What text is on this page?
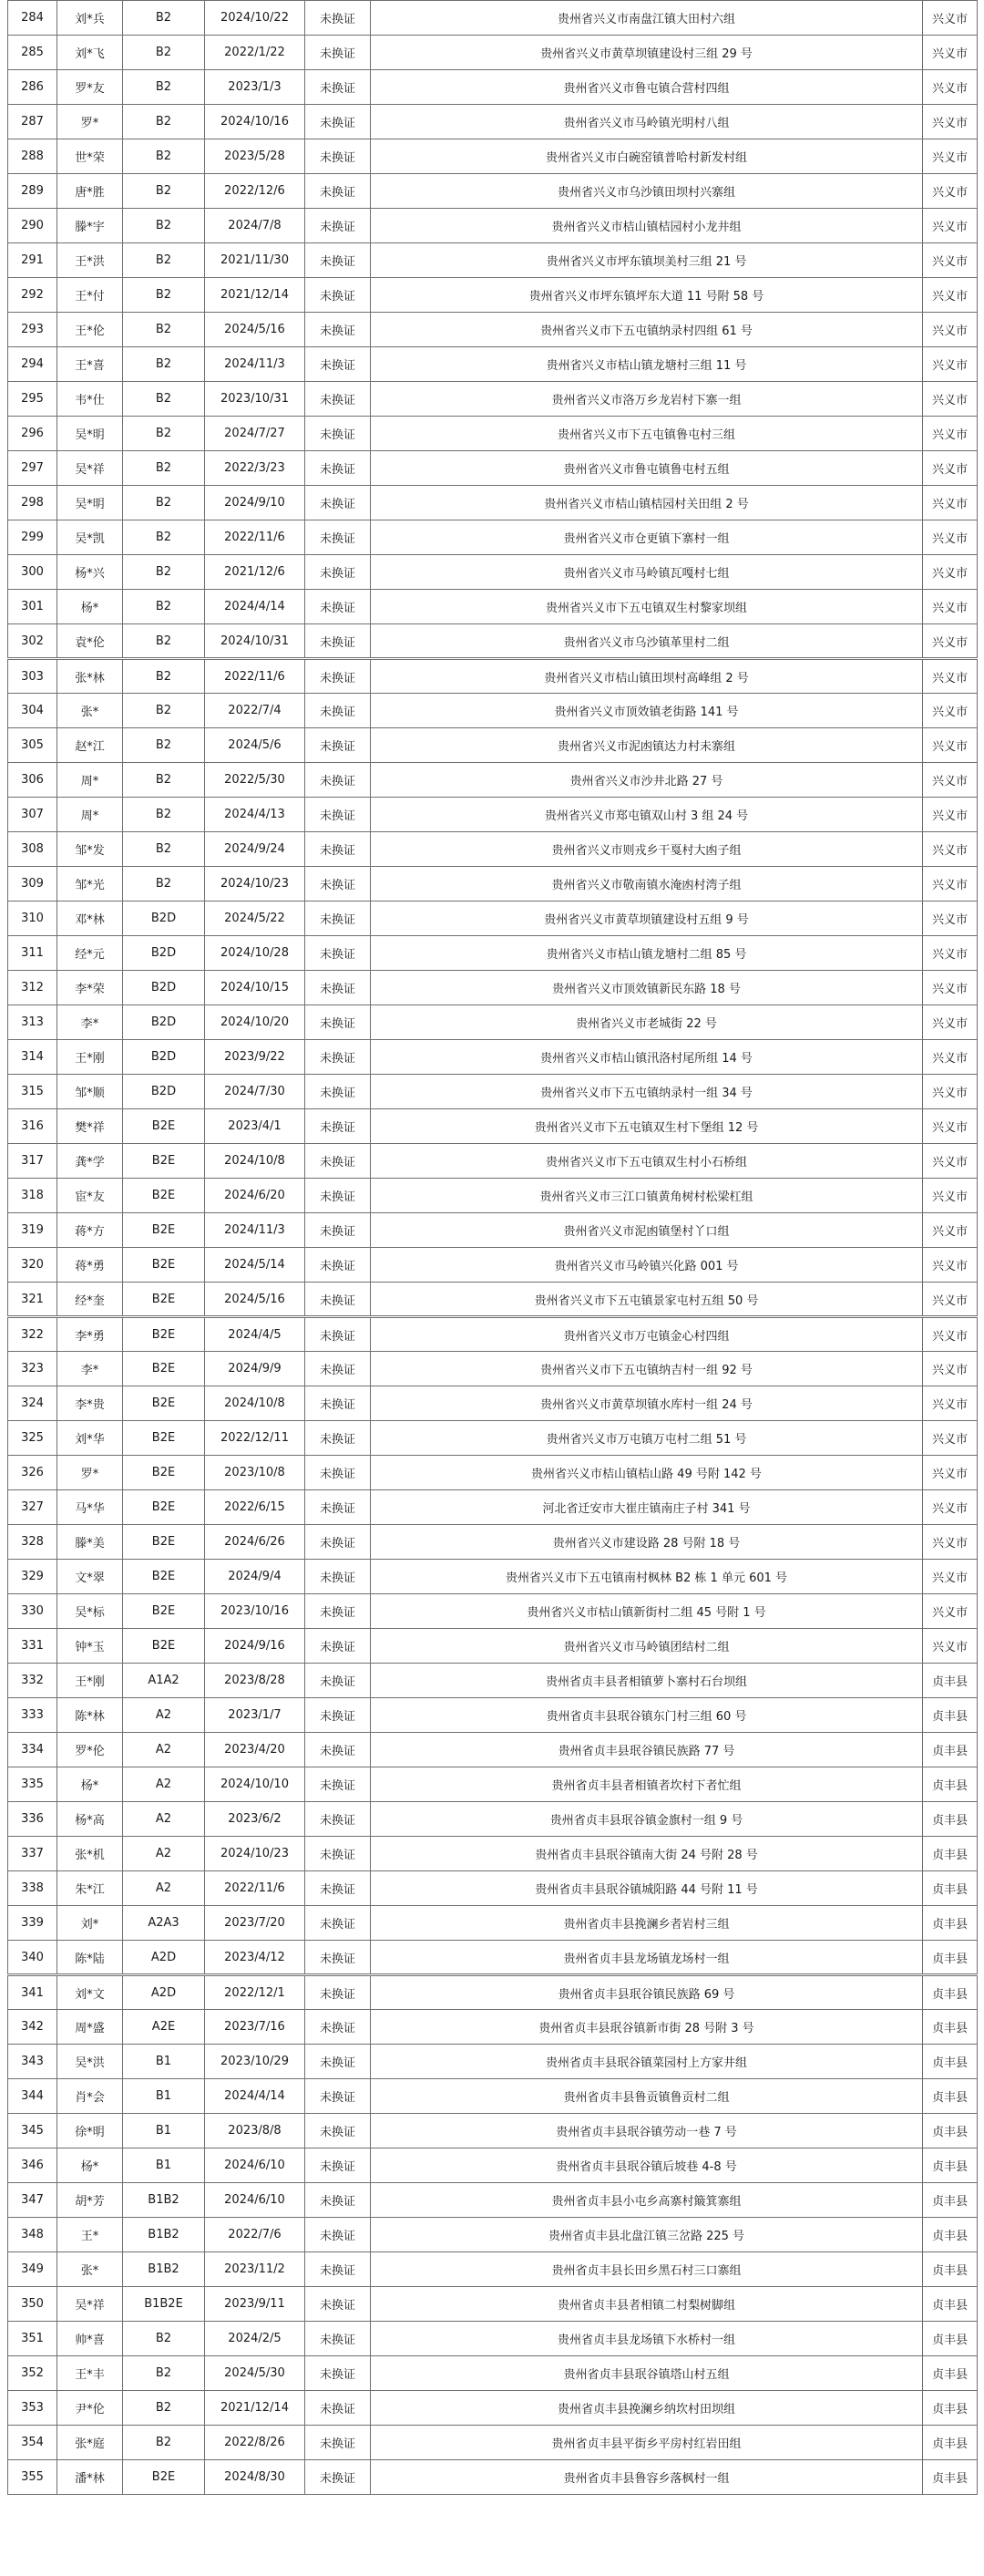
284	刘*兵	B2	2024/10/22	未换证	贵州省兴义市南盘江镇大田村六组	兴义市
285	刘*飞	B2	2022/1/22	未换证	贵州省兴义市黄草坝镇建设村三组 29 号	兴义市
286	罗*友	B2	2023/1/3	未换证	贵州省兴义市鲁屯镇合营村四组	兴义市
287	罗*	B2	2024/10/16	未换证	贵州省兴义市马岭镇光明村八组	兴义市
288	世*荣	B2	2023/5/28	未换证	贵州省兴义市白碗窑镇普哈村新发村组	兴义市
289	唐*胜	B2	2022/12/6	未换证	贵州省兴义市乌沙镇田坝村兴寨组	兴义市
290	滕*宇	B2	2024/7/8	未换证	贵州省兴义市桔山镇桔园村小龙井组	兴义市
291	王*洪	B2	2021/11/30	未换证	贵州省兴义市坪东镇坝美村三组 21 号	兴义市
292	王*付	B2	2021/12/14	未换证	贵州省兴义市坪东镇坪东大道 11 号附 58 号	兴义市
293	王*伦	B2	2024/5/16	未换证	贵州省兴义市下五屯镇纳录村四组 61 号	兴义市
294	王*喜	B2	2024/11/3	未换证	贵州省兴义市桔山镇龙塘村三组 11 号	兴义市
295	韦*仕	B2	2023/10/31	未换证	贵州省兴义市洛万乡龙岩村下寨一组	兴义市
296	吴*明	B2	2024/7/27	未换证	贵州省兴义市下五屯镇鲁屯村三组	兴义市
297	吴*祥	B2	2022/3/23	未换证	贵州省兴义市鲁屯镇鲁屯村五组	兴义市
298	吴*明	B2	2024/9/10	未换证	贵州省兴义市桔山镇桔园村关田组 2 号	兴义市
299	吴*凯	B2	2022/11/6	未换证	贵州省兴义市仓更镇下寨村一组	兴义市
300	杨*兴	B2	2021/12/6	未换证	贵州省兴义市马岭镇瓦嘎村七组	兴义市
301	杨*	B2	2024/4/14	未换证	贵州省兴义市下五屯镇双生村黎家坝组	兴义市
302	袁*伦	B2	2024/10/31	未换证	贵州省兴义市乌沙镇革里村二组	兴义市
303	张*林	B2	2022/11/6	未换证	贵州省兴义市桔山镇田坝村高峰组 2 号	兴义市
304	张*	B2	2022/7/4	未换证	贵州省兴义市顶效镇老街路 141 号	兴义市
305	赵*江	B2	2024/5/6	未换证	贵州省兴义市泥凼镇达力村未寨组	兴义市
306	周*	B2	2022/5/30	未换证	贵州省兴义市沙井北路 27 号	兴义市
307	周*	B2	2024/4/13	未换证	贵州省兴义市郑屯镇双山村 3 组 24 号	兴义市
308	邹*发	B2	2024/9/24	未换证	贵州省兴义市则戎乡干戛村大凼子组	兴义市
309	邹*光	B2	2024/10/23	未换证	贵州省兴义市敬南镇水淹凼村湾子组	兴义市
310	邓*林	B2D	2024/5/22	未换证	贵州省兴义市黄草坝镇建设村五组 9 号	兴义市
311	经*元	B2D	2024/10/28	未换证	贵州省兴义市桔山镇龙塘村二组 85 号	兴义市
312	李*荣	B2D	2024/10/15	未换证	贵州省兴义市顶效镇新民东路 18 号	兴义市
313	李*	B2D	2024/10/20	未换证	贵州省兴义市老城街 22 号	兴义市
314	王*刚	B2D	2023/9/22	未换证	贵州省兴义市桔山镇汛洛村尾所组 14 号	兴义市
315	邹*顺	B2D	2024/7/30	未换证	贵州省兴义市下五屯镇纳录村一组 34 号	兴义市
316	樊*祥	B2E	2023/4/1	未换证	贵州省兴义市下五屯镇双生村下堡组 12 号	兴义市
317	龚*学	B2E	2024/10/8	未换证	贵州省兴义市下五屯镇双生村小石桥组	兴义市
318	宦*友	B2E	2024/6/20	未换证	贵州省兴义市三江口镇黄角树村松梁杠组	兴义市
319	蒋*方	B2E	2024/11/3	未换证	贵州省兴义市泥凼镇堡村丫口组	兴义市
320	蒋*勇	B2E	2024/5/14	未换证	贵州省兴义市马岭镇兴化路 001 号	兴义市
321	经*奎	B2E	2024/5/16	未换证	贵州省兴义市下五屯镇景家屯村五组 50 号	兴义市
322	李*勇	B2E	2024/4/5	未换证	贵州省兴义市万屯镇金心村四组	兴义市
323	李*	B2E	2024/9/9	未换证	贵州省兴义市下五屯镇纳吉村一组 92 号	兴义市
324	李*贵	B2E	2024/10/8	未换证	贵州省兴义市黄草坝镇水库村一组 24 号	兴义市
325	刘*华	B2E	2022/12/11	未换证	贵州省兴义市万屯镇万屯村二组 51 号	兴义市
326	罗*	B2E	2023/10/8	未换证	贵州省兴义市桔山镇桔山路 49 号附 142 号	兴义市
327	马*华	B2E	2022/6/15	未换证	河北省迁安市大崔庄镇南庄子村 341 号	兴义市
328	滕*美	B2E	2024/6/26	未换证	贵州省兴义市建设路 28 号附 18 号	兴义市
329	文*翠	B2E	2024/9/4	未换证	贵州省兴义市下五屯镇南村枫林 B2 栋 1 单元 601 号	兴义市
330	吴*标	B2E	2023/10/16	未换证	贵州省兴义市桔山镇新街村二组 45 号附 1 号	兴义市
331	钟*玉	B2E	2024/9/16	未换证	贵州省兴义市马岭镇团结村二组	兴义市
332	王*刚	A1A2	2023/8/28	未换证	贵州省贞丰县者相镇萝卜寨村石台坝组	贞丰县
333	陈*林	A2	2023/1/7	未换证	贵州省贞丰县珉谷镇东门村三组 60 号	贞丰县
334	罗*伦	A2	2023/4/20	未换证	贵州省贞丰县珉谷镇民族路 77 号	贞丰县
335	杨*	A2	2024/10/10	未换证	贵州省贞丰县者相镇者坎村下者忙组	贞丰县
336	杨*高	A2	2023/6/2	未换证	贵州省贞丰县珉谷镇金旗村一组 9 号	贞丰县
337	张*机	A2	2024/10/23	未换证	贵州省贞丰县珉谷镇南大街 24 号附 28 号	贞丰县
338	朱*江	A2	2022/11/6	未换证	贵州省贞丰县珉谷镇城阳路 44 号附 11 号	贞丰县
339	刘*	A2A3	2023/7/20	未换证	贵州省贞丰县挽澜乡者岩村三组	贞丰县
340	陈*陆	A2D	2023/4/12	未换证	贵州省贞丰县龙场镇龙场村一组	贞丰县
341	刘*文	A2D	2022/12/1	未换证	贵州省贞丰县珉谷镇民族路 69 号	贞丰县
342	周*盛	A2E	2023/7/16	未换证	贵州省贞丰县珉谷镇新市街 28 号附 3 号	贞丰县
343	吴*洪	B1	2023/10/29	未换证	贵州省贞丰县珉谷镇菜园村上方家井组	贞丰县
344	肖*会	B1	2024/4/14	未换证	贵州省贞丰县鲁贡镇鲁贡村二组	贞丰县
345	徐*明	B1	2023/8/8	未换证	贵州省贞丰县珉谷镇劳动一巷 7 号	贞丰县
346	杨*	B1	2024/6/10	未换证	贵州省贞丰县珉谷镇后坡巷 4-8 号	贞丰县
347	胡*芳	B1B2	2024/6/10	未换证	贵州省贞丰县小屯乡高寨村簸箕寨组	贞丰县
348	王*	B1B2	2022/7/6	未换证	贵州省贞丰县北盘江镇三岔路 225 号	贞丰县
349	张*	B1B2	2023/11/2	未换证	贵州省贞丰县长田乡黑石村三口寨组	贞丰县
350	吴*祥	B1B2E	2023/9/11	未换证	贵州省贞丰县者相镇二村梨树脚组	贞丰县
351	帅*喜	B2	2024/2/5	未换证	贵州省贞丰县龙场镇下水桥村一组	贞丰县
352	王*丰	B2	2024/5/30	未换证	贵州省贞丰县珉谷镇塔山村五组	贞丰县
353	尹*伦	B2	2021/12/14	未换证	贵州省贞丰县挽澜乡纳坎村田坝组	贞丰县
354	张*庭	B2	2022/8/26	未换证	贵州省贞丰县平街乡平房村红岩田组	贞丰县
355	潘*林	B2E	2024/8/30	未换证	贵州省贞丰县鲁容乡落枫村一组	贞丰县
